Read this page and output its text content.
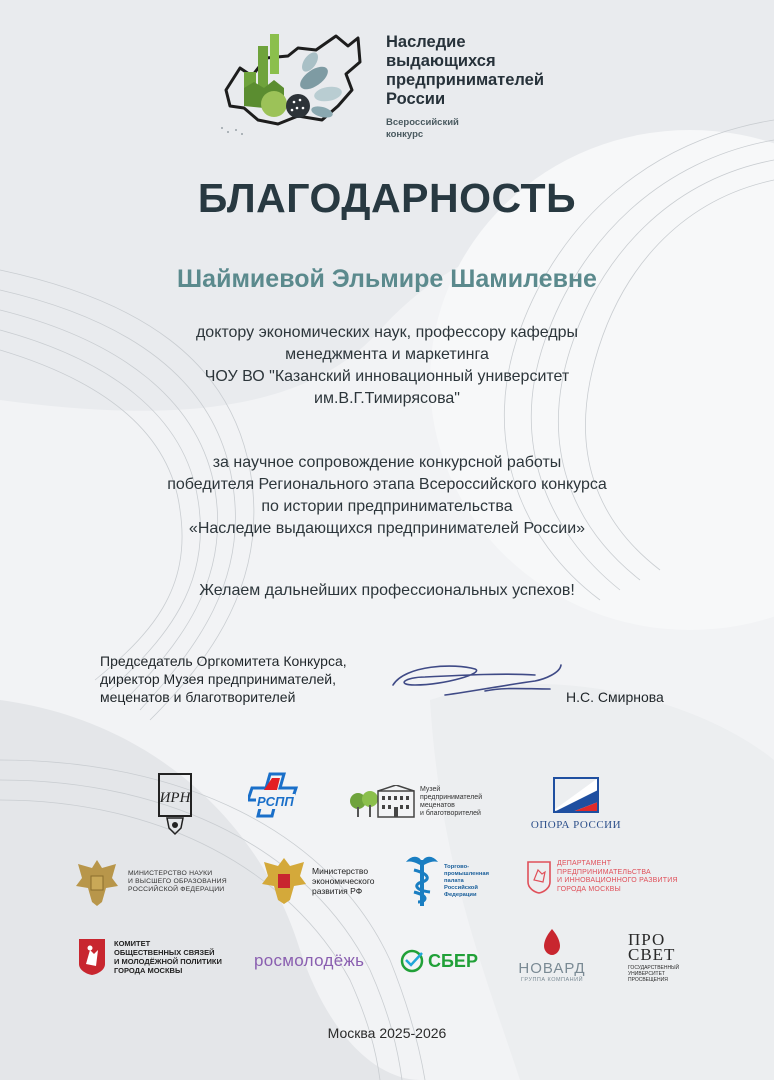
Наследие
выдающихся
предпринимателей
России
Всероссийский
конкурс
БЛАГОДАРНОСТЬ
Шаймиевой Эльмире Шамилевне
доктору экономических наук, профессору кафедры
менеджмента и маркетинга
ЧОУ ВО "Казанский инновационный университет
им.В.Г.Тимирясова"
за научное сопровождение конкурсной работы
победителя Регионального этапа Всероссийского конкурса
по истории предпринимательства
«Наследие выдающихся предпринимателей России»
Желаем дальнейших профессиональных успехов!
Председатель Оргкомитета Конкурса,
директор Музея предпринимателей,
меценатов и благотворителей	Н.С. Смирнова
ИРН	РСПП
Музей
предпринимателей
меценатов
и благотворителей
ОПОРА РОССИИ
МИНИСТЕРСТВО НАУКИ
И ВЫСШЕГО ОБРАЗОВАНИЯ
РОССИЙСКОЙ ФЕДЕРАЦИИ
Министерство
экономического
развития РФ
Торгово-
промышленная
палата
Российской
Федерации
ДЕПАРТАМЕНТ
ПРЕДПРИНИМАТЕЛЬСТВА
И ИННОВАЦИОННОГО РАЗВИТИЯ
ГОРОДА МОСКВЫ
КОМИТЕТ
ОБЩЕСТВЕННЫХ СВЯЗЕЙ
И МОЛОДЁЖНОЙ ПОЛИТИКИ
ГОРОДА МОСКВЫ
росмолодёжь	СБЕР	НОВАРД
ГРУППА КОМПАНИЙ
ПРО
СВЕТ
ГОСУДАРСТВЕННЫЙ
УНИВЕРСИТЕТ
ПРОСВЕЩЕНИЯ
Москва 2025-2026
